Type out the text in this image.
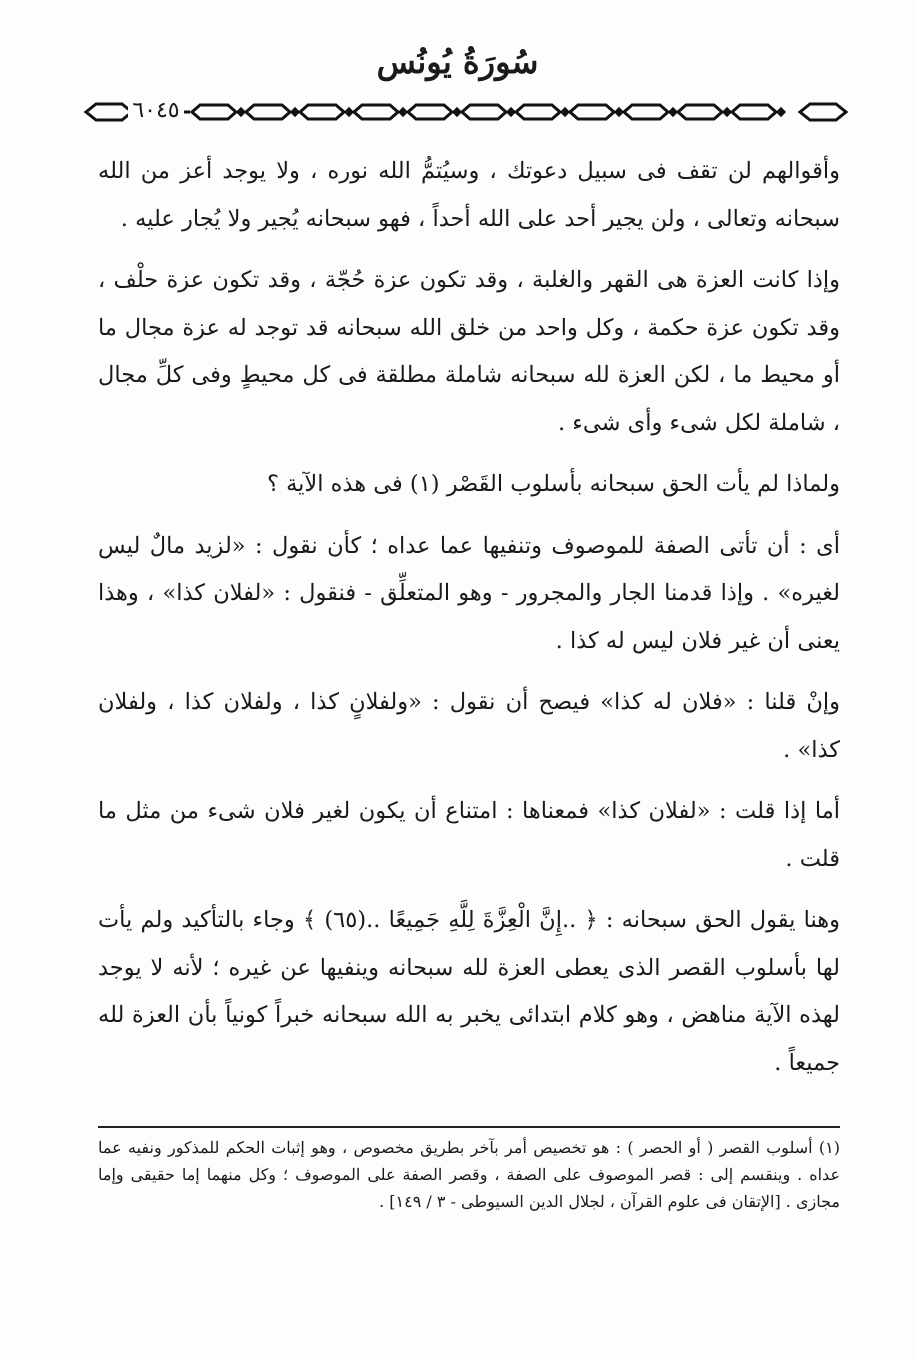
سُورَةُ يُونُس
٦٠٤٥

وأقوالهم لن تقف فى سبيل دعوتك ، وسيُتمُّ الله نوره ، ولا يوجد أعز من الله سبحانه وتعالى ، ولن يجير أحد على الله أحداً ، فهو سبحانه يُجير ولا يُجار عليه .

وإذا كانت العزة هى القهر والغلبة ، وقد تكون عزة حُجّة ، وقد تكون عزة حلْف ، وقد تكون عزة حكمة ، وكل واحد من خلق الله سبحانه قد توجد له عزة مجال ما أو محيط ما ، لكن العزة لله سبحانه شاملة مطلقة فى كل محيطٍ وفى كلِّ مجال ، شاملة لكل شىء وأى شىء .

ولماذا لم يأت الحق سبحانه بأسلوب القَصْر (١) فى هذه الآية ؟

أى : أن تأتى الصفة للموصوف وتنفيها عما عداه ؛ كأن نقول : «لزيد مالٌ ليس لغيره» . وإذا قدمنا الجار والمجرور - وهو المتعلِّق - فنقول : «لفلان كذا» ، وهذا يعنى أن غير فلان ليس له كذا .

وإنْ قلنا : «فلان له كذا» فيصح أن نقول : «ولفلانٍ كذا ، ولفلان كذا ، ولفلان كذا» .

أما إذا قلت : «لفلان كذا» فمعناها : امتناع أن يكون لغير فلان شىء من مثل ما قلت .

وهنا يقول الحق سبحانه : ﴿ ..إِنَّ الْعِزَّةَ لِلَّهِ جَمِيعًا ..(٦٥) ﴾ وجاء بالتأكيد ولم يأت لها بأسلوب القصر الذى يعطى العزة لله سبحانه وينفيها عن غيره ؛ لأنه لا يوجد لهذه الآية مناهض ، وهو كلام ابتدائى يخبر به الله سبحانه خبراً كونياً بأن العزة لله جميعاً .

(١) أسلوب القصر ( أو الحصر ) : هو تخصيص أمر بآخر بطريق مخصوص ، وهو إثبات الحكم للمذكور ونفيه عما عداه . وينقسم إلى : قصر الموصوف على الصفة ، وقصر الصفة على الموصوف ؛ وكل منهما إما حقيقى وإما مجازى . [الإتقان فى علوم القرآن ، لجلال الدين السيوطى - ٣ / ١٤٩] .
